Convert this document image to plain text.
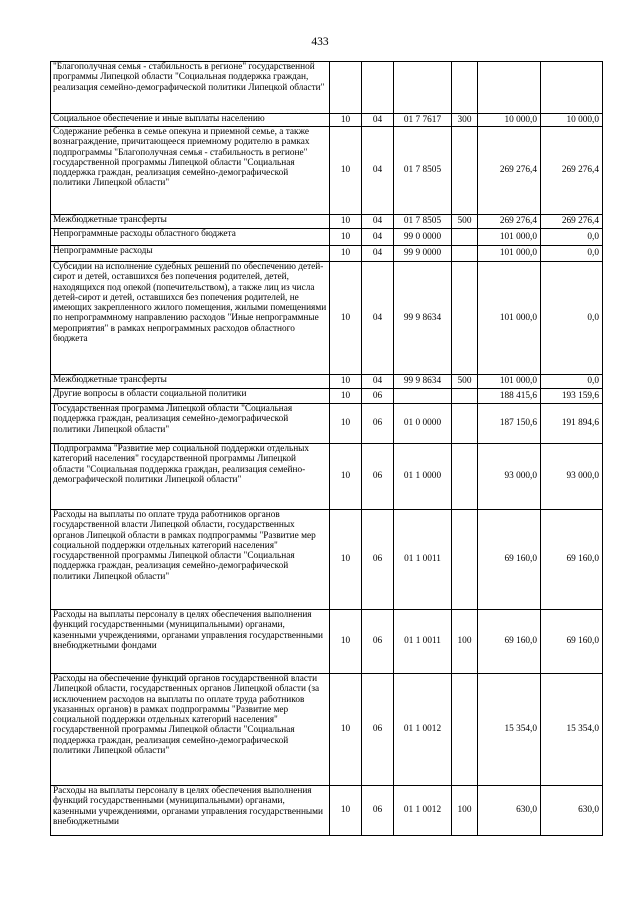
433
"Благополучная семья - стабильность в регионе" государственной программы Липецкой области "Социальная поддержка граждан, реализация семейно-демографической политики Липецкой области"						
Социальное обеспечение и иные выплаты населению	10	04	01 7 7617	300	10 000,0	10 000,0
Содержание ребенка в семье опекуна и приемной семье, а также вознаграждение, причитающееся приемному родителю в рамках подпрограммы "Благополучная семья - стабильность в регионе" государственной программы Липецкой области "Социальная поддержка граждан, реализация семейно-демографической политики Липецкой области"	10	04	01 7 8505		269 276,4	269 276,4
Межбюджетные трансферты	10	04	01 7 8505	500	269 276,4	269 276,4
Непрограммные расходы областного бюджета	10	04	99 0 0000		101 000,0	0,0
Непрограммные расходы	10	04	99 9 0000		101 000,0	0,0
Субсидии на исполнение судебных решений по обеспечению детей-сирот и детей, оставшихся без попечения родителей, детей, находящихся под опекой (попечительством), а также лиц из числа детей-сирот и детей, оставшихся без попечения родителей, не имеющих закрепленного жилого помещения, жилыми помещениями по непрограммному направлению расходов "Иные непрограммные мероприятия" в рамках непрограммных расходов областного бюджета	10	04	99 9 8634		101 000,0	0,0
Межбюджетные трансферты	10	04	99 9 8634	500	101 000,0	0,0
Другие вопросы в области социальной политики	10	06			188 415,6	193 159,6
Государственная программа Липецкой области "Социальная поддержка граждан, реализация семейно-демографической политики Липецкой области"	10	06	01 0 0000		187 150,6	191 894,6
Подпрограмма "Развитие мер социальной поддержки отдельных категорий населения" государственной программы Липецкой области "Социальная поддержка граждан, реализация семейно-демографической политики Липецкой области"	10	06	01 1 0000		93 000,0	93 000,0
Расходы на выплаты по оплате труда работников органов государственной власти Липецкой области, государственных органов Липецкой области в рамках подпрограммы "Развитие мер социальной поддержки отдельных категорий населения" государственной программы Липецкой области "Социальная поддержка граждан, реализация семейно-демографической политики Липецкой области"	10	06	01 1 0011		69 160,0	69 160,0
Расходы на выплаты персоналу в целях обеспечения выполнения функций государственными (муниципальными) органами, казенными учреждениями, органами управления государственными внебюджетными фондами	10	06	01 1 0011	100	69 160,0	69 160,0
Расходы на обеспечение функций органов государственной власти Липецкой области, государственных органов Липецкой области (за исключением расходов на выплаты по оплате труда работников указанных органов) в рамках подпрограммы "Развитие мер социальной поддержки отдельных категорий населения" государственной программы Липецкой области "Социальная поддержка граждан, реализация семейно-демографической политики Липецкой области"	10	06	01 1 0012		15 354,0	15 354,0
Расходы на выплаты персоналу в целях обеспечения выполнения функций государственными (муниципальными) органами, казенными учреждениями, органами управления государственными внебюджетными	10	06	01 1 0012	100	630,0	630,0
